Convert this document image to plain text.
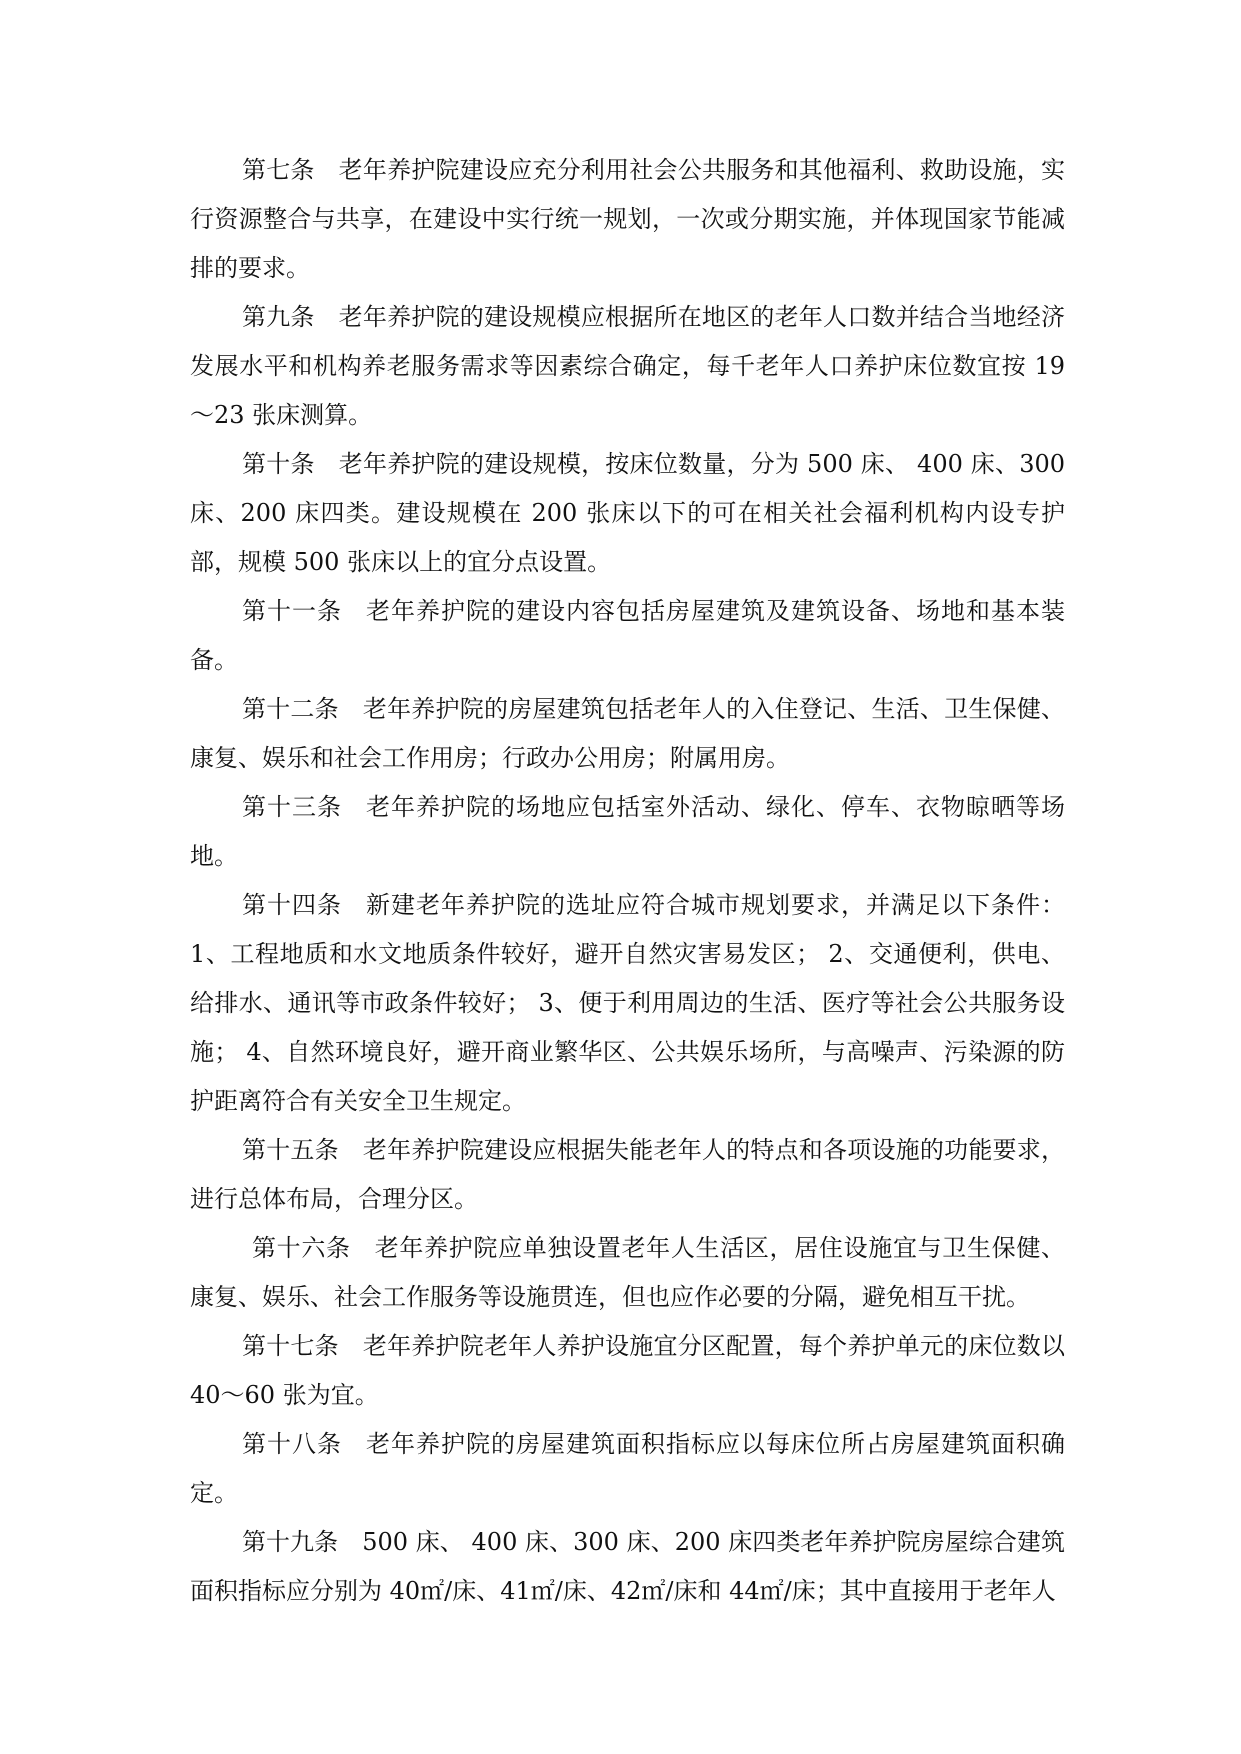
第七条 老年养护院建设应充分利用社会公共服务和其他福利、救助设施，实行资源整合与共享，在建设中实行统一规划，一次或分期实施，并体现国家节能减排的要求。

第九条 老年养护院的建设规模应根据所在地区的老年人口数并结合当地经济发展水平和机构养老服务需求等因素综合确定，每千老年人口养护床位数宜按 19～23 张床测算。

第十条 老年养护院的建设规模，按床位数量，分为 500 床、 400 床、300 床、200 床四类。建设规模在 200 张床以下的可在相关社会福利机构内设专护部，规模 500 张床以上的宜分点设置。

第十一条 老年养护院的建设内容包括房屋建筑及建筑设备、场地和基本装备。

第十二条 老年养护院的房屋建筑包括老年人的入住登记、生活、卫生保健、康复、娱乐和社会工作用房；行政办公用房；附属用房。

第十三条 老年养护院的场地应包括室外活动、绿化、停车、衣物晾晒等场地。

第十四条 新建老年养护院的选址应符合城市规划要求，并满足以下条件：1、工程地质和水文地质条件较好，避开自然灾害易发区； 2、交通便利，供电、给排水、通讯等市政条件较好； 3、便于利用周边的生活、医疗等社会公共服务设施； 4、自然环境良好，避开商业繁华区、公共娱乐场所，与高噪声、污染源的防护距离符合有关安全卫生规定。

第十五条 老年养护院建设应根据失能老年人的特点和各项设施的功能要求，进行总体布局，合理分区。

第十六条 老年养护院应单独设置老年人生活区，居住设施宜与卫生保健、康复、娱乐、社会工作服务等设施贯连，但也应作必要的分隔，避免相互干扰。

第十七条 老年养护院老年人养护设施宜分区配置，每个养护单元的床位数以 40～60 张为宜。

第十八条 老年养护院的房屋建筑面积指标应以每床位所占房屋建筑面积确定。

第十九条 500 床、 400 床、300 床、200 床四类老年养护院房屋综合建筑面积指标应分别为 40㎡/床、41㎡/床、42㎡/床和 44㎡/床；其中直接用于老年人
